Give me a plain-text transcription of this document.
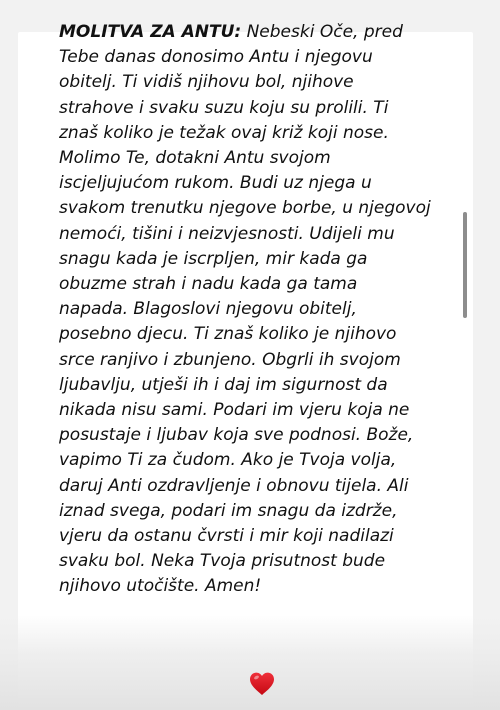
MOLITVA ZA ANTU: Nebeski Oče, pred Tebe danas donosimo Antu i njegovu obitelj. Ti vidiš njihovu bol, njihove strahove i svaku suzu koju su prolili. Ti znaš koliko je težak ovaj križ koji nose. Molimo Te, dotakni Antu svojom iscjeljujućom rukom. Budi uz njega u svakom trenutku njegove borbe, u njegovoj nemoći, tišini i neizvjesnosti. Udijeli mu snagu kada je iscrpljen, mir kada ga obuzme strah i nadu kada ga tama napada. Blagoslovi njegovu obitelj, posebno djecu. Ti znaš koliko je njihovo srce ranjivo i zbunjeno. Obgrli ih svojom ljubavlju, utješi ih i daj im sigurnost da nikada nisu sami. Podari im vjeru koja ne posustaje i ljubav koja sve podnosi. Bože, vapimo Ti za čudom. Ako je Tvoja volja, daruj Anti ozdravljenje i obnovu tijela. Ali iznad svega, podari im snagu da izdrže, vjeru da ostanu čvrsti i mir koji nadilazi svaku bol. Neka Tvoja prisutnost bude njihovo utočište. Amen!
